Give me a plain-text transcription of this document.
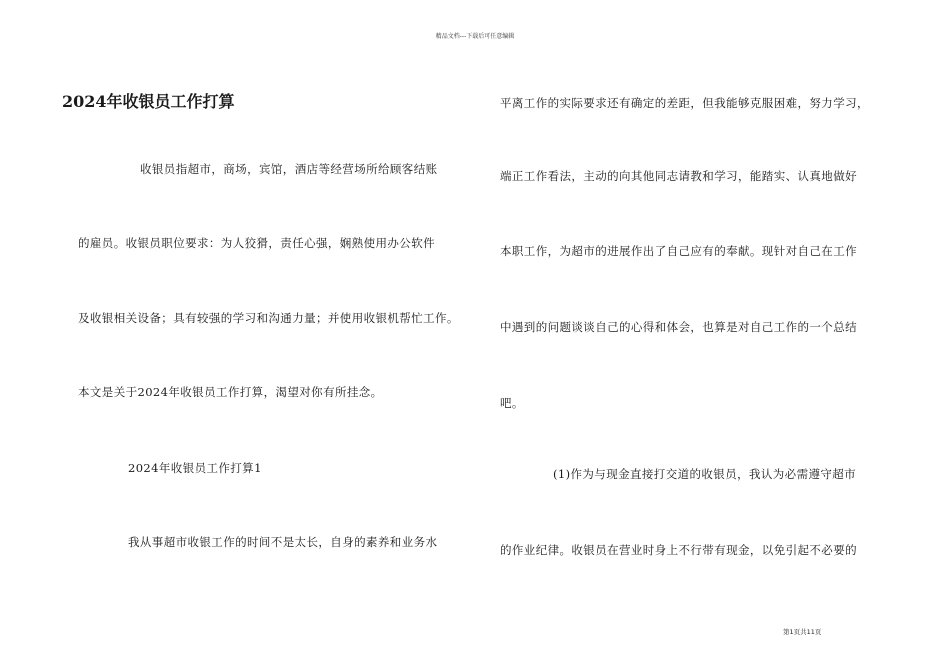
精品文档---下载后可任意编辑
2024年收银员工作打算
收银员指超市，商场，宾馆，酒店等经营场所给顾客结账
的雇员。收银员职位要求：为人狡猾，责任心强，娴熟使用办公软件
及收银相关设备；具有较强的学习和沟通力量；并使用收银机帮忙工作。
本文是关于2024年收银员工作打算，渴望对你有所挂念。
2024年收银员工作打算1
我从事超市收银工作的时间不是太长，自身的素养和业务水
平离工作的实际要求还有确定的差距，但我能够克服困难，努力学习，
端正工作看法，主动的向其他同志请教和学习，能踏实、认真地做好
本职工作，为超市的进展作出了自己应有的奉献。现针对自己在工作
中遇到的问题谈谈自己的心得和体会，也算是对自己工作的一个总结
吧。
(1)作为与现金直接打交道的收银员，我认为必需遵守超市
的作业纪律。收银员在营业时身上不行带有现金，以免引起不必要的
第1页共11页
